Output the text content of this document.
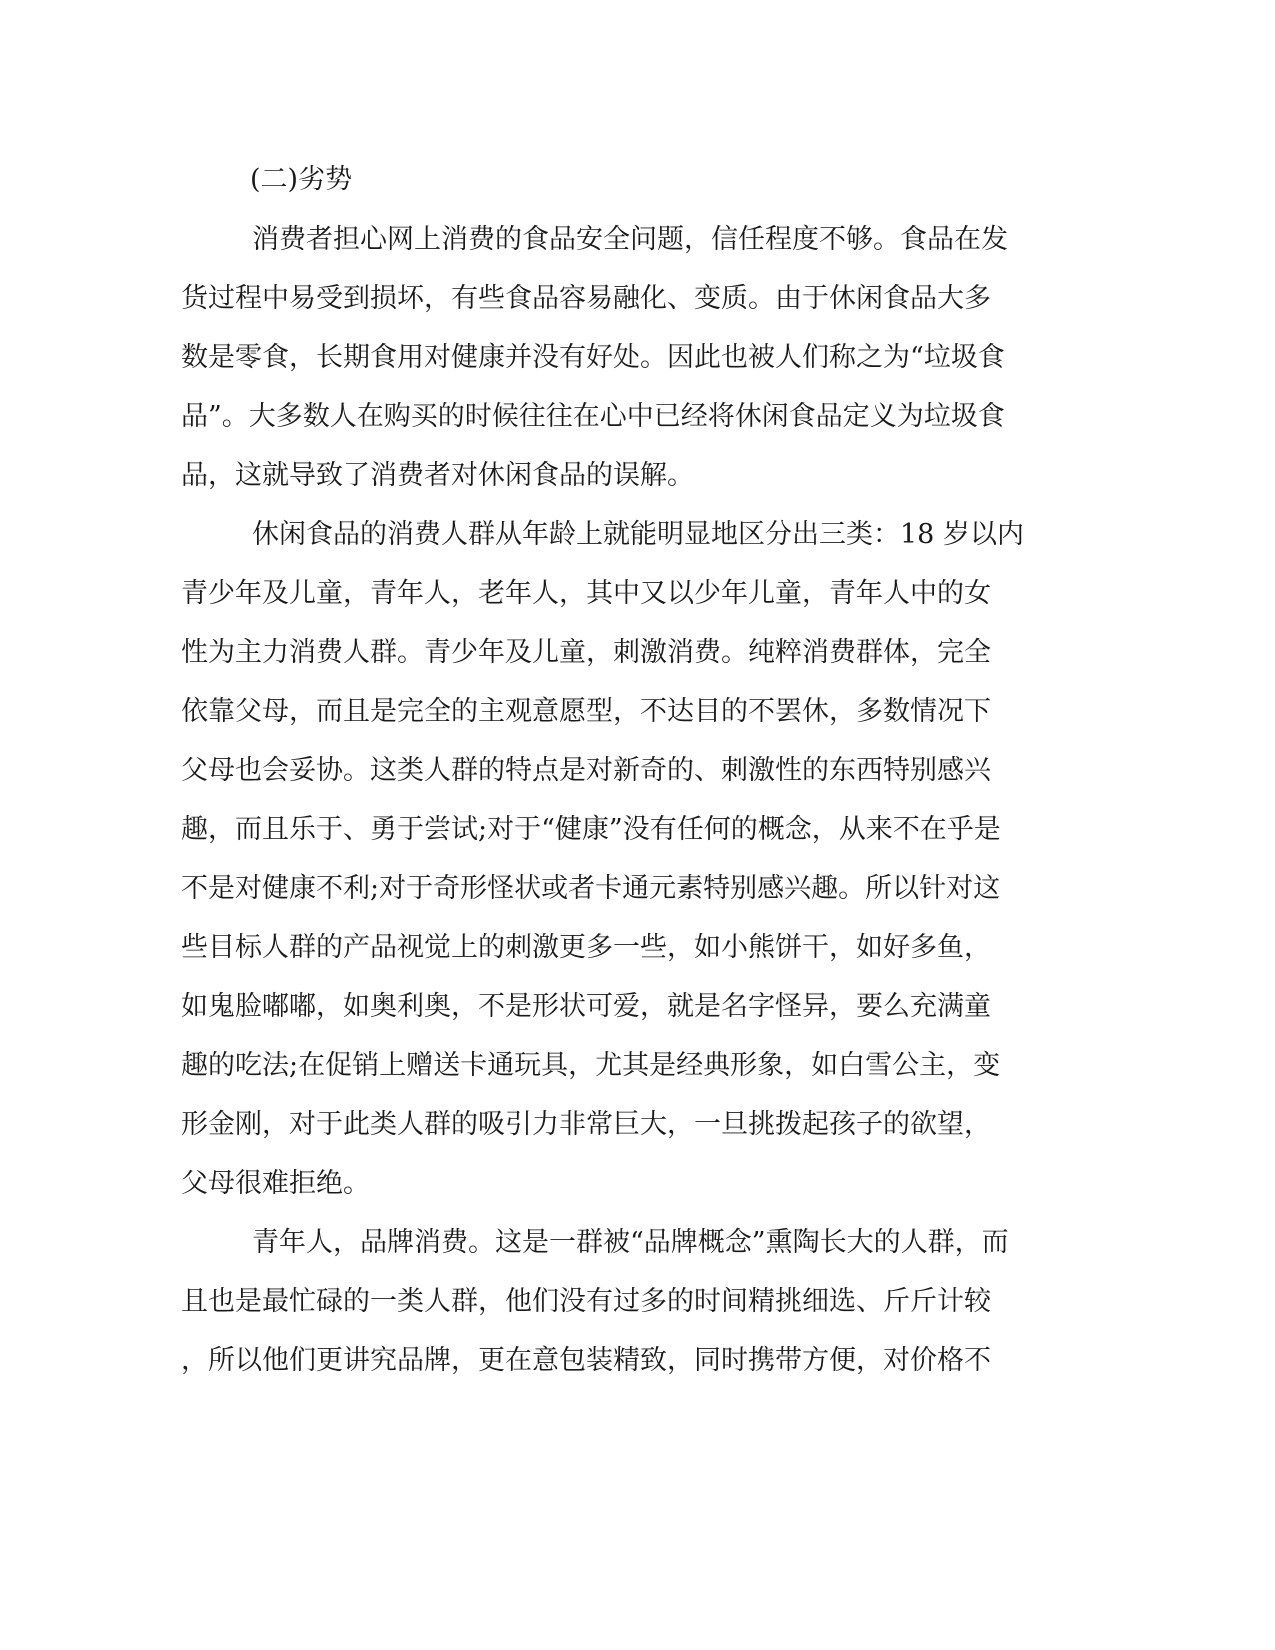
(二)劣势

消费者担心网上消费的食品安全问题，信任程度不够。食品在发

货过程中易受到损坏，有些食品容易融化、变质。由于休闲食品大多

数是零食，长期食用对健康并没有好处。因此也被人们称之为“垃圾食

品”。大多数人在购买的时候往往在心中已经将休闲食品定义为垃圾食

品，这就导致了消费者对休闲食品的误解。

休闲食品的消费人群从年龄上就能明显地区分出三类：18 岁以内

青少年及儿童，青年人，老年人，其中又以少年儿童，青年人中的女

性为主力消费人群。青少年及儿童，刺激消费。纯粹消费群体，完全

依靠父母，而且是完全的主观意愿型，不达目的不罢休，多数情况下

父母也会妥协。这类人群的特点是对新奇的、刺激性的东西特别感兴

趣，而且乐于、勇于尝试;对于“健康”没有任何的概念，从来不在乎是

不是对健康不利;对于奇形怪状或者卡通元素特别感兴趣。所以针对这

些目标人群的产品视觉上的刺激更多一些，如小熊饼干，如好多鱼，

如鬼脸嘟嘟，如奥利奥，不是形状可爱，就是名字怪异，要么充满童

趣的吃法;在促销上赠送卡通玩具，尤其是经典形象，如白雪公主，变

形金刚，对于此类人群的吸引力非常巨大，一旦挑拨起孩子的欲望，

父母很难拒绝。

青年人，品牌消费。这是一群被“品牌概念”熏陶长大的人群，而

且也是最忙碌的一类人群，他们没有过多的时间精挑细选、斤斤计较

，所以他们更讲究品牌，更在意包装精致，同时携带方便，对价格不
